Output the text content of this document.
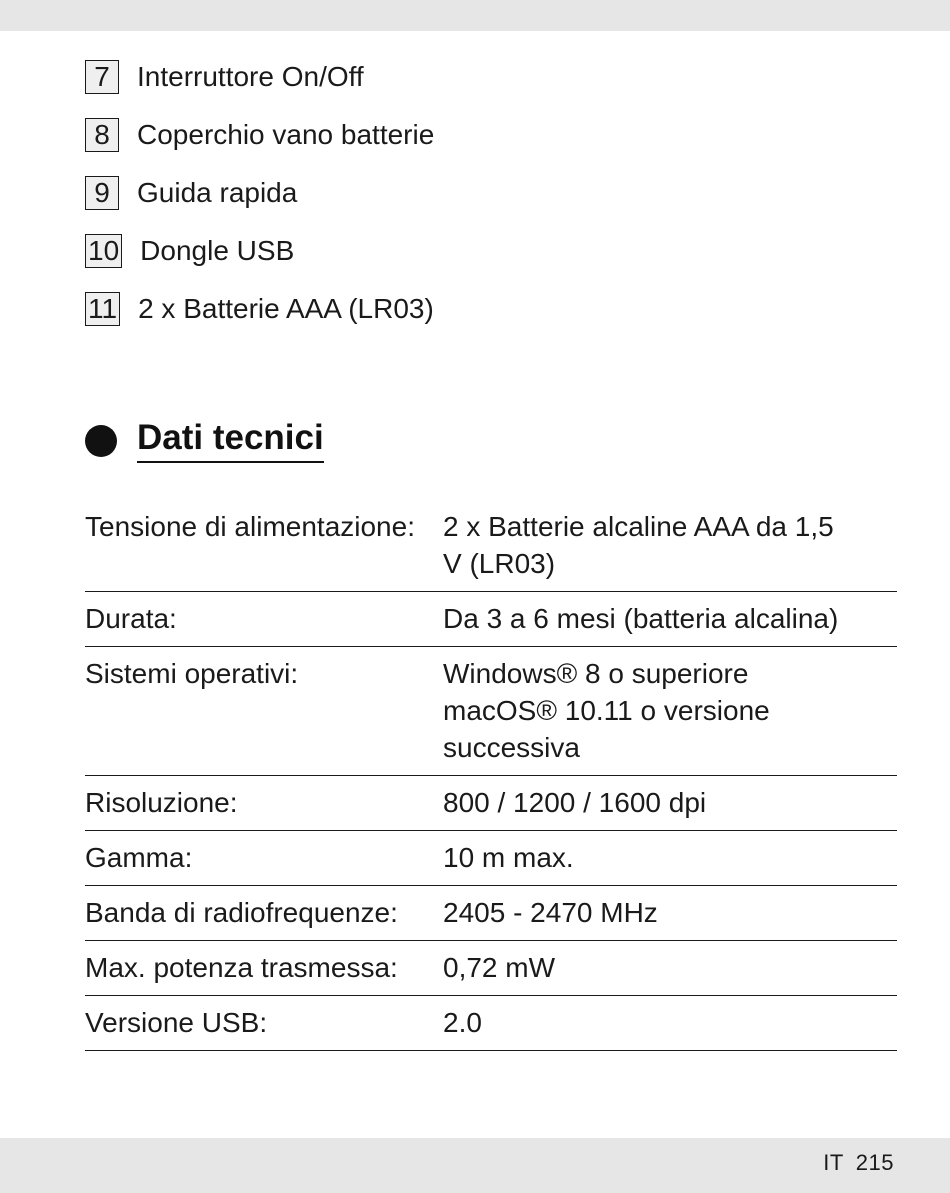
7 Interruttore On/Off
8 Coperchio vano batterie
9 Guida rapida
10 Dongle USB
11 2 x Batterie AAA (LR03)
Dati tecnici
Tensione di alimentazione:	2 x Batterie alcaline AAA da 1,5
V (LR03)
Durata:	Da 3 a 6 mesi (batteria alcalina)
Sistemi operativi:	Windows® 8 o superiore
macOS® 10.11 o versione
successiva
Risoluzione:	800 / 1200 / 1600 dpi
Gamma:	10 m max.
Banda di radiofrequenze:	2405 - 2470 MHz
Max. potenza trasmessa:	0,72 mW
Versione USB:	2.0
IT 215
